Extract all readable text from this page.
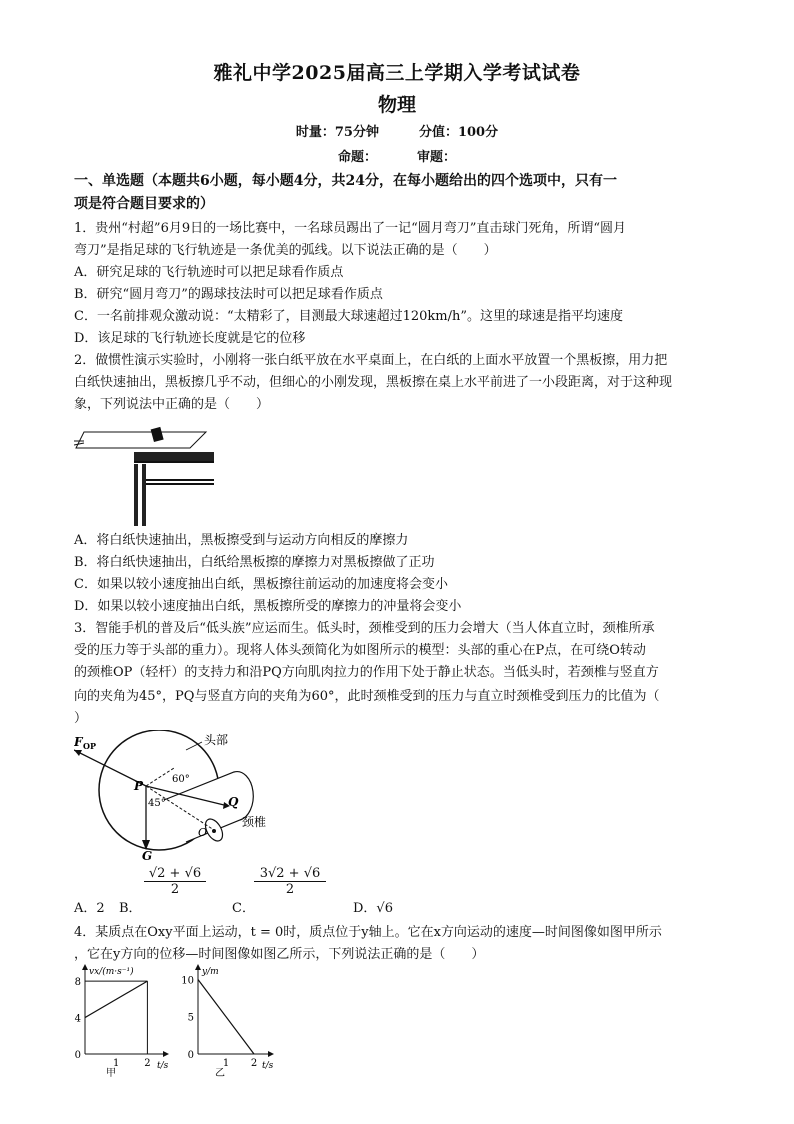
雅礼中学2025届高三上学期入学考试试卷
物理
时量：75分钟	分值：100分
命题：	审题：
一、单选题（本题共6小题，每小题4分，共24分，在每小题给出的四个选项中，只有一
项是符合题目要求的）
1．贵州“村超”6月9日的一场比赛中，一名球员踢出了一记“圆月弯刀”直击球门死角，所谓“圆月
弯刀”是指足球的飞行轨迹是一条优美的弧线。以下说法正确的是（　　）
A．研究足球的飞行轨迹时可以把足球看作质点
B．研究“圆月弯刀”的踢球技法时可以把足球看作质点
C．一名前排观众激动说：“太精彩了，目测最大球速超过120km/h”。这里的球速是指平均速度
D．该足球的飞行轨迹长度就是它的位移
2．做惯性演示实验时，小刚将一张白纸平放在水平桌面上，在白纸的上面水平放置一个黑板擦，用力把
白纸快速抽出，黑板擦几乎不动，但细心的小刚发现，黑板擦在桌上水平前进了一小段距离，对于这种现
象，下列说法中正确的是（　　）
A．将白纸快速抽出，黑板擦受到与运动方向相反的摩擦力
B．将白纸快速抽出，白纸给黑板擦的摩擦力对黑板擦做了正功
C．如果以较小速度抽出白纸，黑板擦往前运动的加速度将会变小
D．如果以较小速度抽出白纸，黑板擦所受的摩擦力的冲量将会变小
3．智能手机的普及后“低头族”应运而生。低头时，颈椎受到的压力会增大（当人体直立时，颈椎所承
受的压力等于头部的重力）。现将人体头颈简化为如图所示的模型：头部的重心在P点，在可绕O转动
的颈椎OP（轻杆）的支持力和沿PQ方向肌肉拉力的作用下处于静止状态。当低头时，若颈椎与竖直方
向的夹角为45°，PQ与竖直方向的夹角为60°，此时颈椎受到的压力与直立时颈椎受到压力的比值为（
）
F OP	头部
60°
45°
P
Q
O
G
颈椎
A．2 B．
$\frac{√2 + √6}{2}$
C．
$\frac{3√2 + √6}{2}$
D．√6
4．某质点在Oxy平面上运动，t = 0时，质点位于y轴上。它在x方向运动的速度—时间图像如图甲所示
，它在y方向的位移—时间图像如图乙所示，下列说法正确的是（　　）
vx/(m·s⁻¹)
t/s
甲
0
4
8
1 2
y/m
t/s
乙
0
5
10
1 2
